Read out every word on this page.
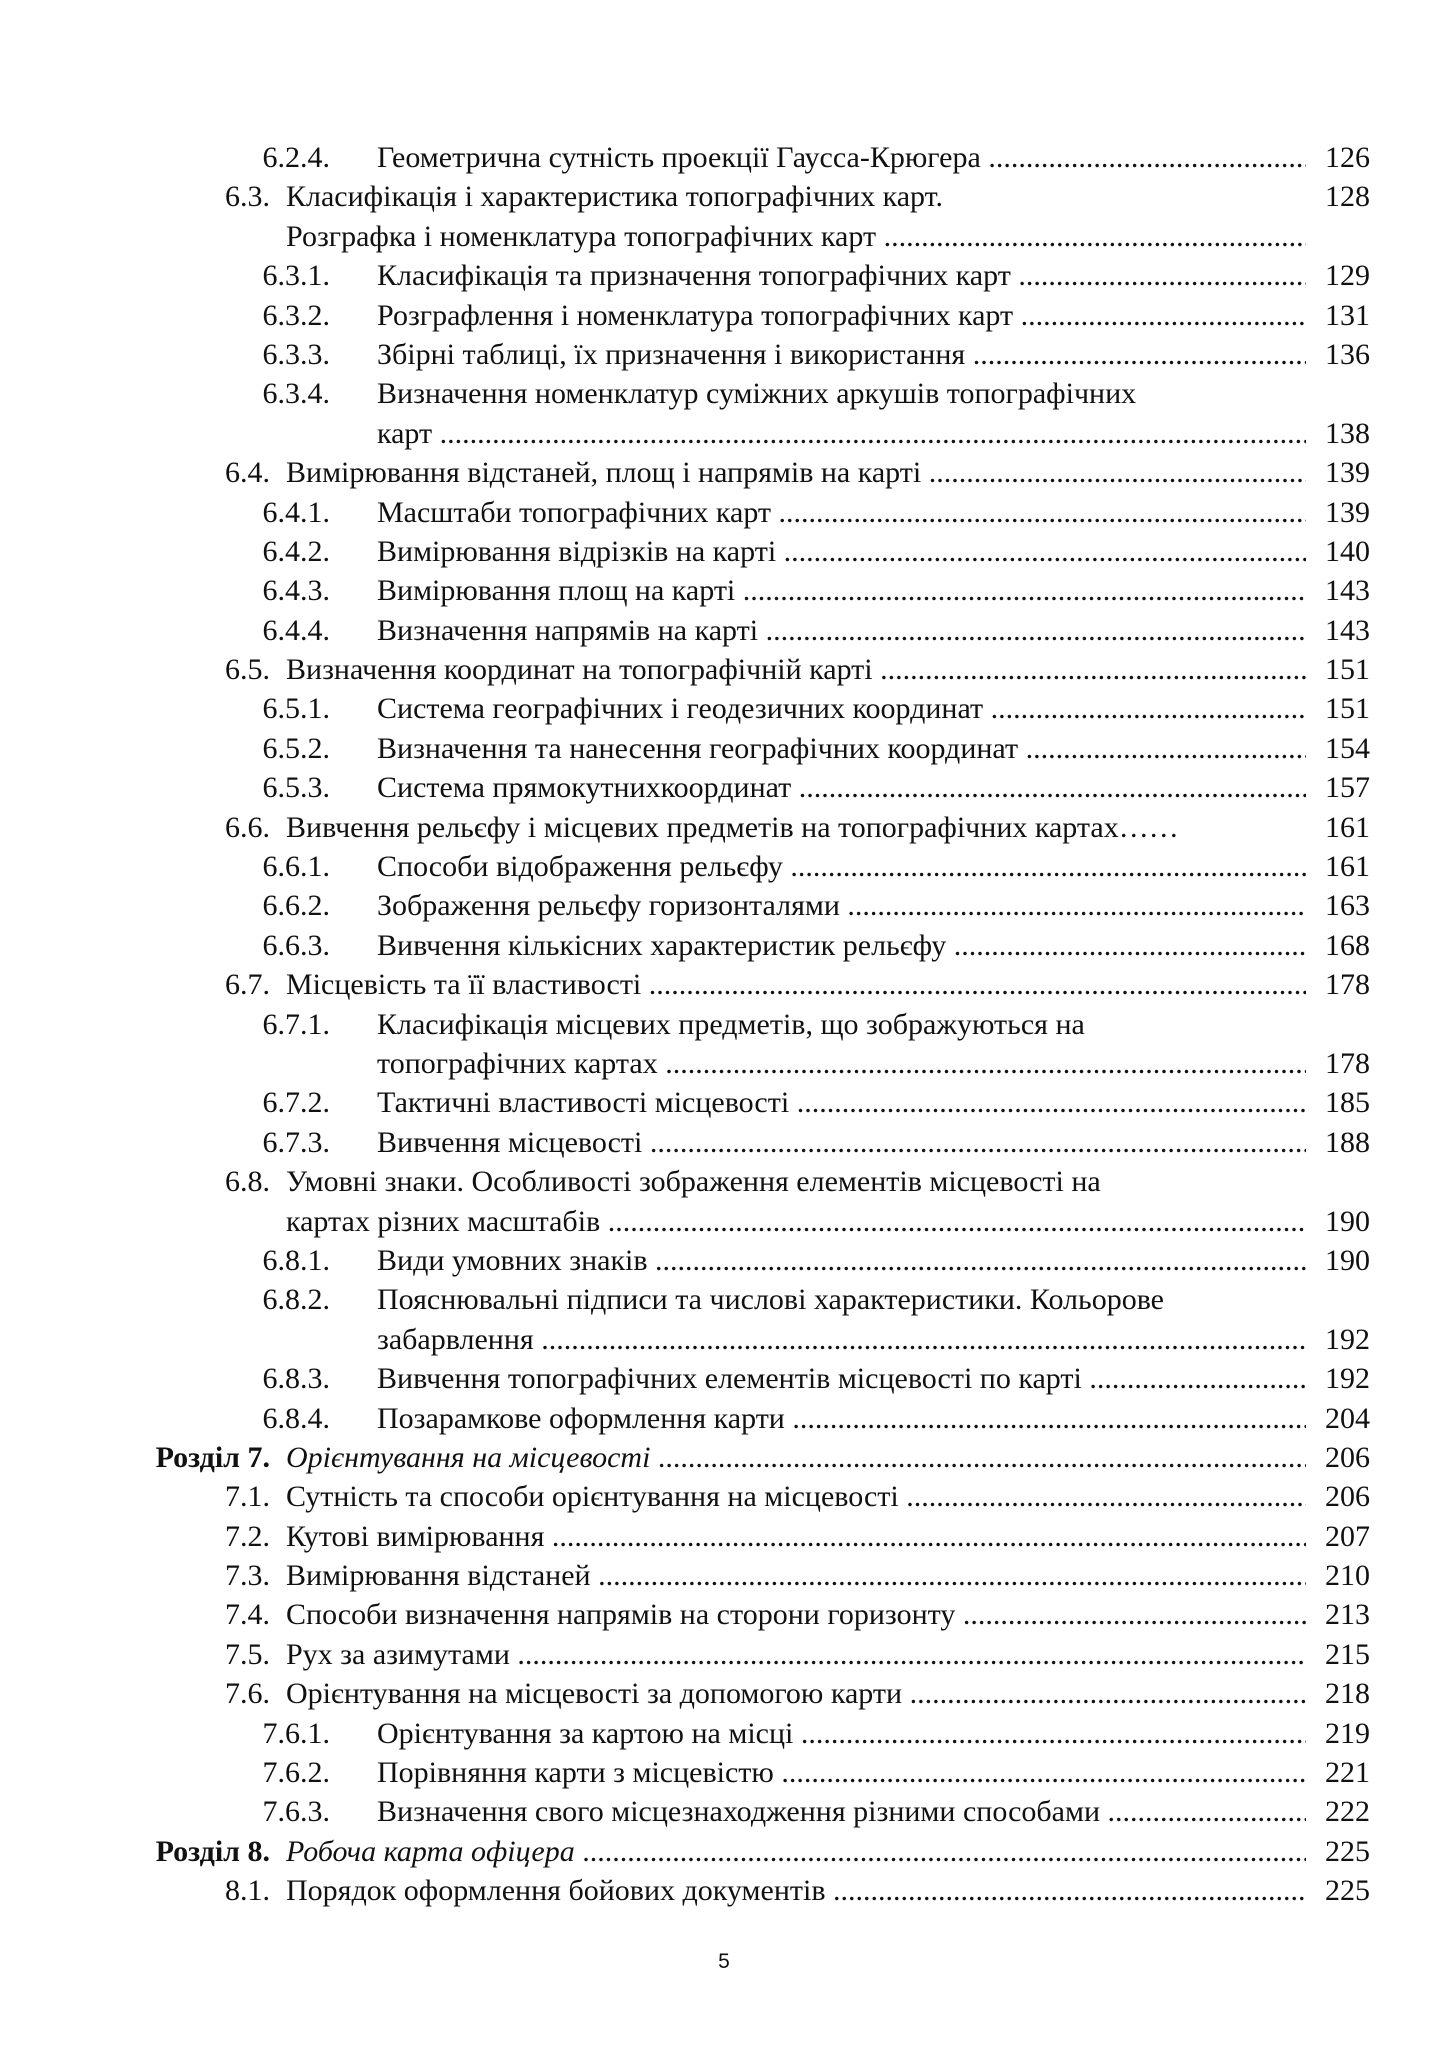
6.2.4. Геометрична сутність проекції Гаусса-Крюгера .....	126
6.3. Класифікація і характеристика топографічних карт.	128
Розграфка і номенклатура топографічних карт .....
6.3.1. Класифікація та призначення топографічних карт .....	129
6.3.2. Розграфлення і номенклатура топографічних карт .....	131
6.3.3. Збірні таблиці, їх призначення і використання .....	136
6.3.4. Визначення номенклатур суміжних аркушів топографічних
карт .....	138
6.4. Вимірювання відстаней, площ і напрямів на карті .....	139
6.4.1. Масштаби топографічних карт .....	139
6.4.2. Вимірювання відрізків на карті .....	140
6.4.3. Вимірювання площ на карті .....	143
6.4.4. Визначення напрямів на карті .....	143
6.5. Визначення координат на топографічній карті .....	151
6.5.1. Система географічних і геодезичних координат .....	151
6.5.2. Визначення та нанесення географічних координат .....	154
6.5.3. Система прямокутнихкоординат .....	157
6.6. Вивчення рельєфу і місцевих предметів на топографічних картах……	161
6.6.1. Способи відображення рельєфу .....	161
6.6.2. Зображення рельєфу горизонталями .....	163
6.6.3. Вивчення кількісних характеристик рельєфу .....	168
6.7. Місцевість та її властивості .....	178
6.7.1. Класифікація місцевих предметів, що зображуються на
топографічних картах .....	178
6.7.2. Тактичні властивості місцевості .....	185
6.7.3. Вивчення місцевості .....	188
6.8. Умовні знаки. Особливості зображення елементів місцевості на
картах різних масштабів .....	190
6.8.1. Види умовних знаків .....	190
6.8.2. Пояснювальні підписи та числові характеристики. Кольорове
забарвлення .....	192
6.8.3. Вивчення топографічних елементів місцевості по карті .....	192
6.8.4. Позарамкове оформлення карти .....	204
Розділ 7. Орієнтування на місцевості .....	206
7.1. Сутність та способи орієнтування на місцевості .....	206
7.2. Кутові вимірювання .....	207
7.3. Вимірювання відстаней .....	210
7.4. Способи визначення напрямів на сторони горизонту .....	213
7.5. Рух за азимутами .....	215
7.6. Орієнтування на місцевості за допомогою карти .....	218
7.6.1. Орієнтування за картою на місці .....	219
7.6.2. Порівняння карти з місцевістю .....	221
7.6.3. Визначення свого місцезнаходження різними способами .....	222
Розділ 8. Робоча карта офіцера .....	225
8.1. Порядок оформлення бойових документів .....	225
5
